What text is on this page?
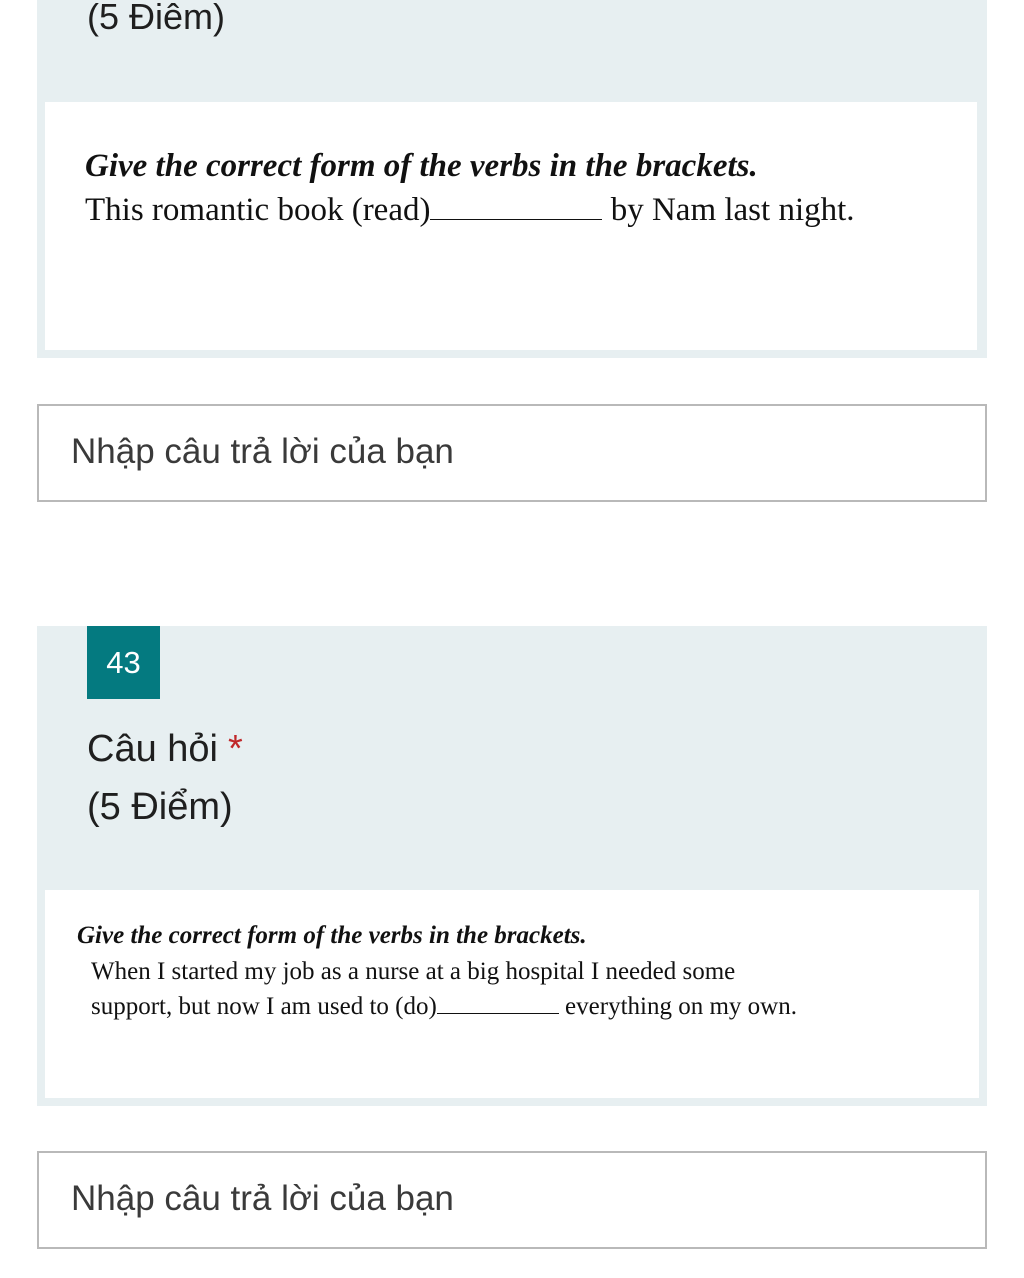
(5 Điêm)
Give the correct form of the verbs in the brackets.
This romantic book (read)	by Nam last night.
Nhập câu trả lời của bạn
43
Câu hỏi *
(5 Điểm)
Give the correct form of the verbs in the brackets.
When I started my job as a nurse at a big hospital I needed some
support, but now I am used to (do)	everything on my own.
Nhập câu trả lời của bạn
